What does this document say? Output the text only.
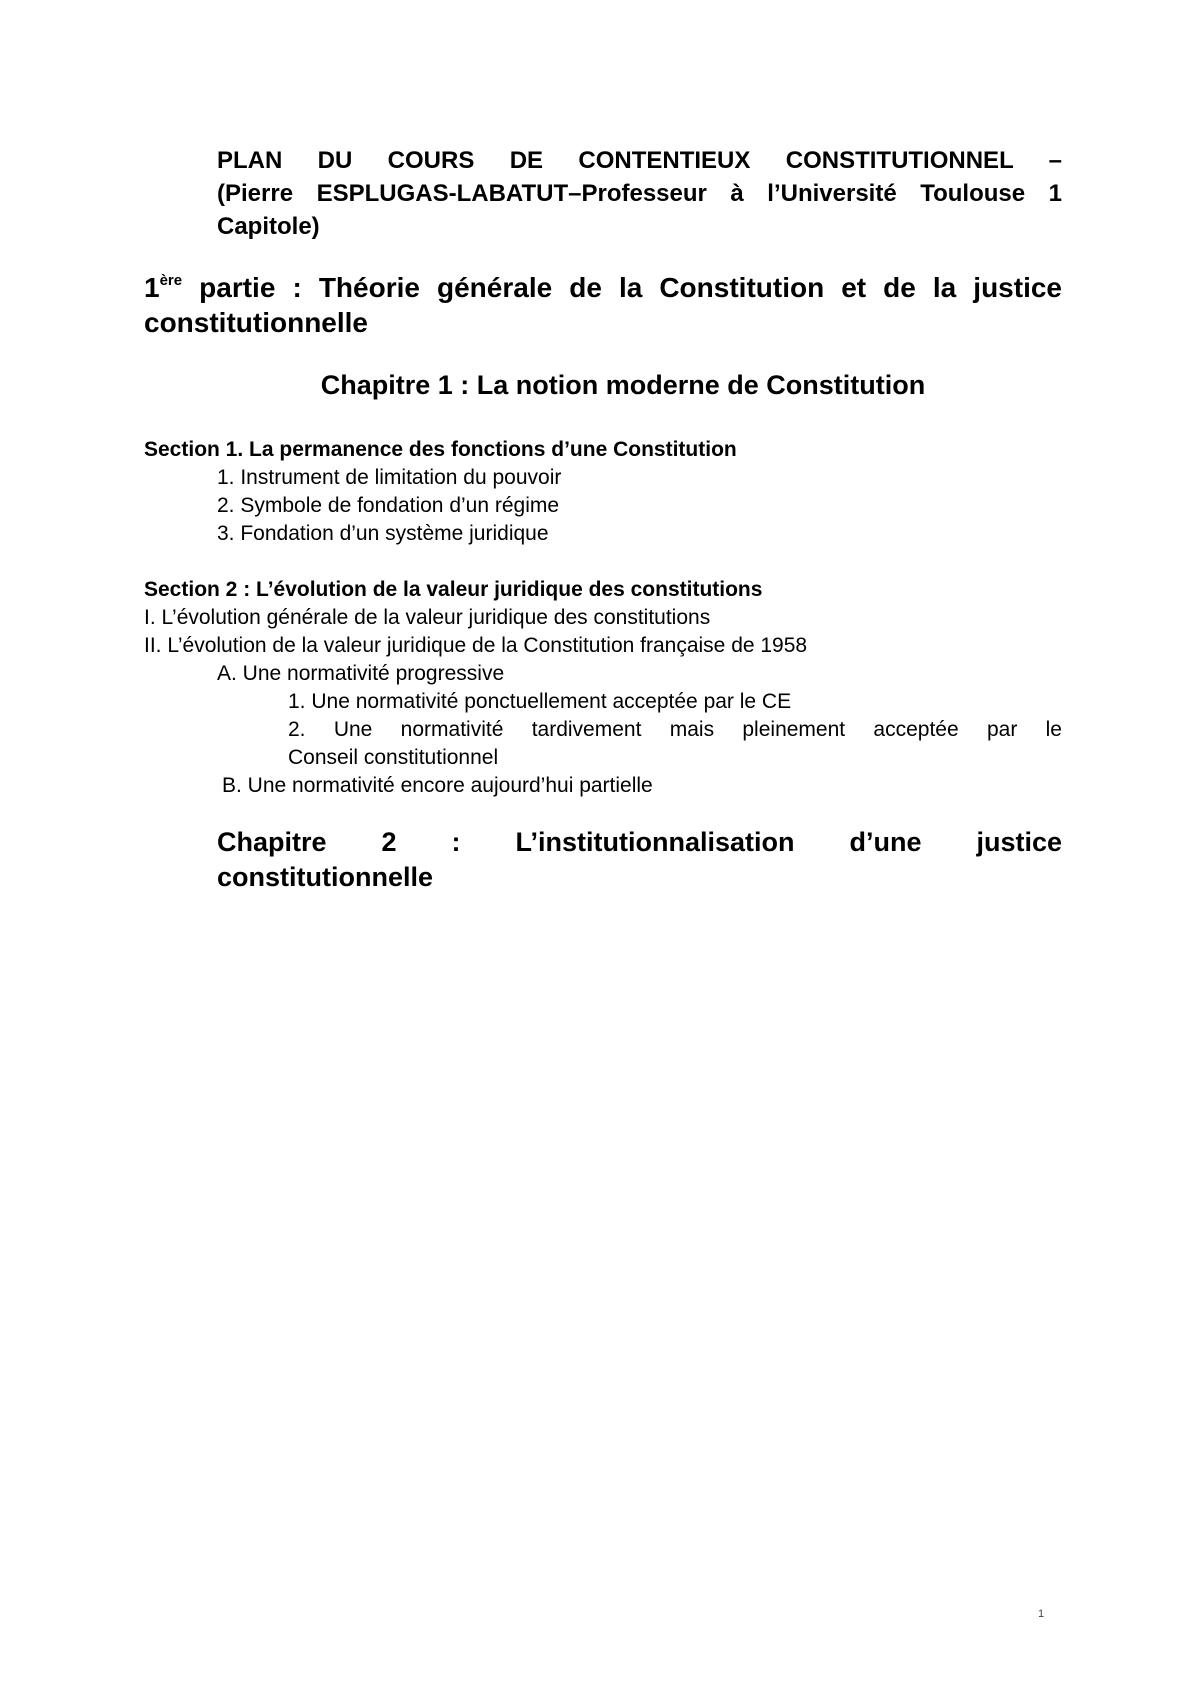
PLAN DU COURS DE CONTENTIEUX CONSTITUTIONNEL –
(Pierre ESPLUGAS-LABATUT–Professeur à l’Université Toulouse 1
Capitole)
1ère partie : Théorie générale de la Constitution et de la justice constitutionnelle
Chapitre 1 : La notion moderne de Constitution
Section 1. La permanence des fonctions d’une Constitution
1. Instrument de limitation du pouvoir
2. Symbole de fondation d’un régime
3. Fondation d’un système juridique
Section 2 : L’évolution de la valeur juridique des constitutions
I. L’évolution générale de la valeur juridique des constitutions
II. L’évolution de la valeur juridique de la Constitution française de 1958
A. Une normativité progressive
1. Une normativité ponctuellement acceptée par le CE
2. Une normativité tardivement mais pleinement acceptée par le
Conseil constitutionnel
B. Une normativité encore aujourd’hui partielle
Chapitre 2 : L’institutionnalisation d’une justice
constitutionnelle
1
